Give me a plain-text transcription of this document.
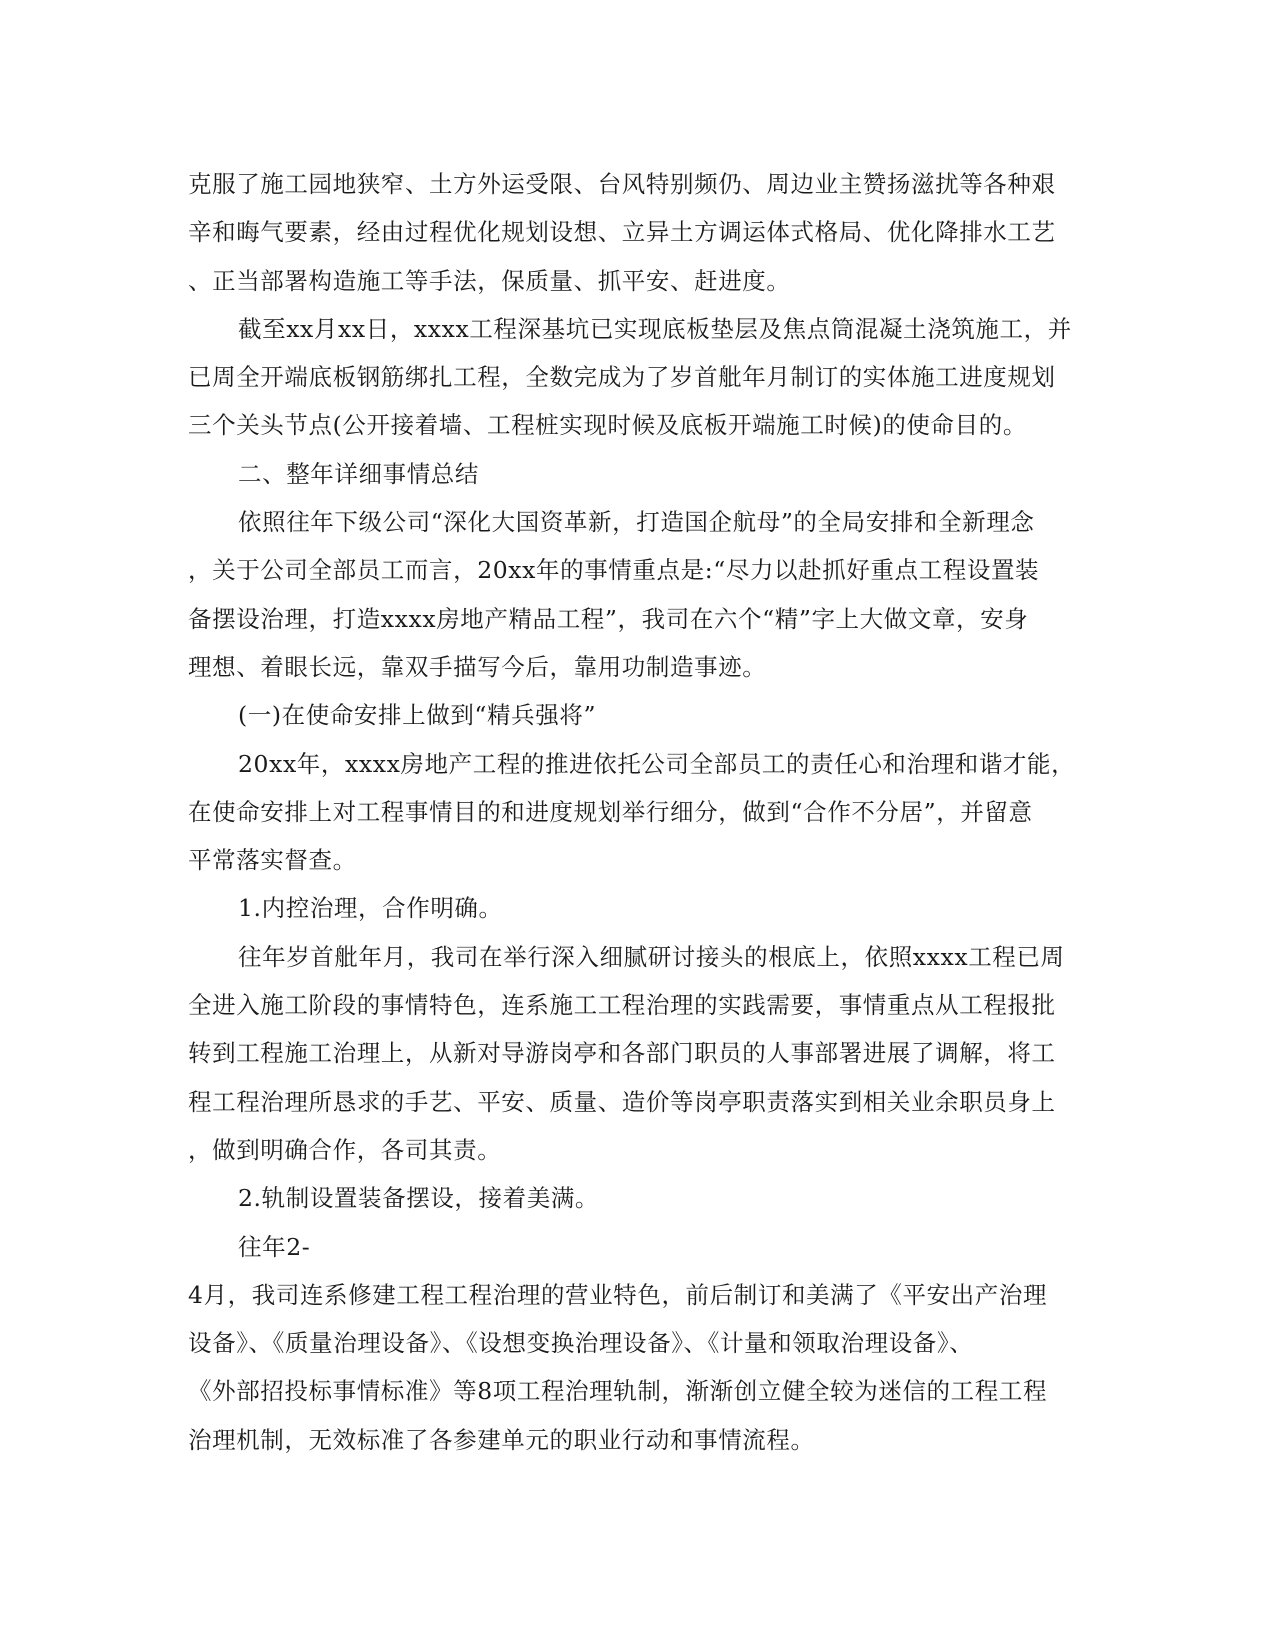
克服了施工园地狭窄、土方外运受限、台风特别频仍、周边业主赞扬滋扰等各种艰
辛和晦气要素，经由过程优化规划设想、立异土方调运体式格局、优化降排水工艺
、正当部署构造施工等手法，保质量、抓平安、赶进度。
截至xx月xx日，xxxx工程深基坑已实现底板垫层及焦点筒混凝土浇筑施工，并
已周全开端底板钢筋绑扎工程，全数完成为了岁首舭年月制订的实体施工进度规划
三个关头节点(公开接着墙、工程桩实现时候及底板开端施工时候)的使命目的。
二、整年详细事情总结
依照往年下级公司“深化大国资革新，打造国企航母”的全局安排和全新理念
，关于公司全部员工而言，20xx年的事情重点是:“尽力以赴抓好重点工程设置装
备摆设治理，打造xxxx房地产精品工程”，我司在六个“精”字上大做文章，安身
理想、着眼长远，靠双手描写今后，靠用功制造事迹。
(一)在使命安排上做到“精兵强将”
20xx年，xxxx房地产工程的推进依托公司全部员工的责任心和治理和谐才能，
在使命安排上对工程事情目的和进度规划举行细分，做到“合作不分居”，并留意
平常落实督查。
1.内控治理，合作明确。
往年岁首舭年月，我司在举行深入细腻研讨接头的根底上，依照xxxx工程已周
全进入施工阶段的事情特色，连系施工工程治理的实践需要，事情重点从工程报批
转到工程施工治理上，从新对导游岗亭和各部门职员的人事部署进展了调解，将工
程工程治理所恳求的手艺、平安、质量、造价等岗亭职责落实到相关业余职员身上
，做到明确合作，各司其责。
2.轨制设置装备摆设，接着美满。
往年2-
4月，我司连系修建工程工程治理的营业特色，前后制订和美满了《平安出产治理
设备》、《质量治理设备》、《设想变换治理设备》、《计量和领取治理设备》、
《外部招投标事情标准》等8项工程治理轨制，渐渐创立健全较为迷信的工程工程
治理机制，无效标准了各参建单元的职业行动和事情流程。
